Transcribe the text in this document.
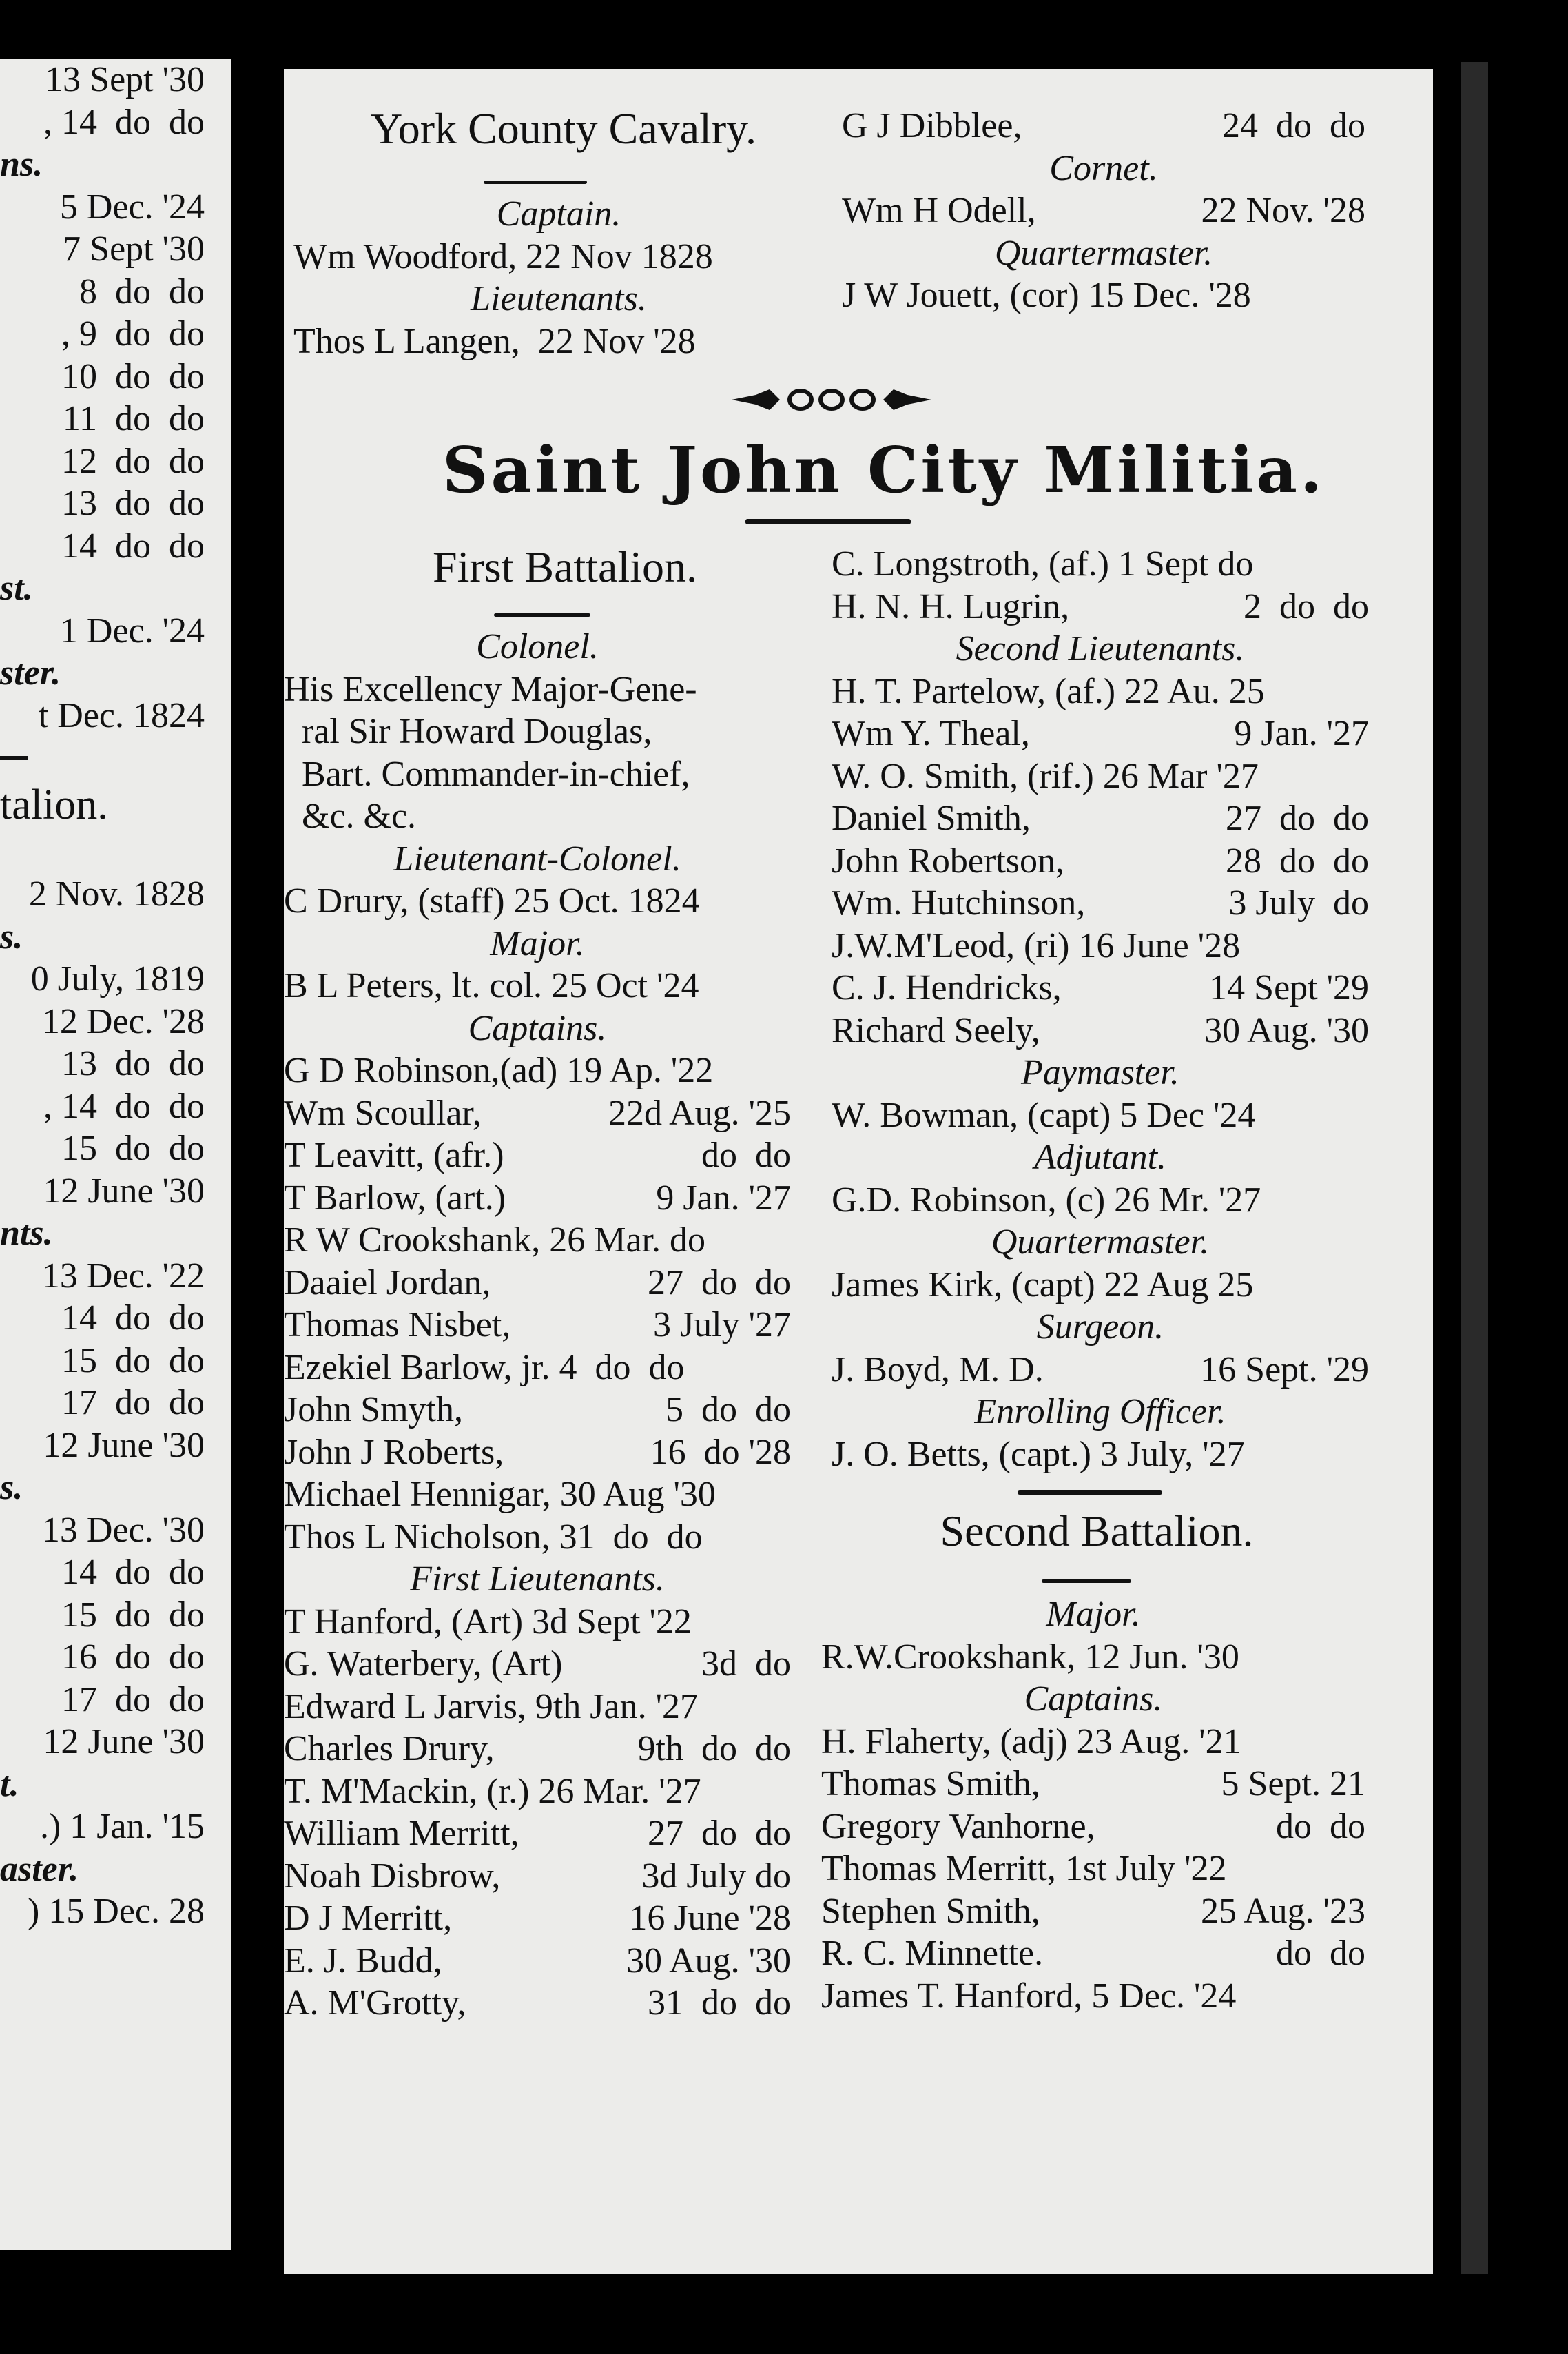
13 Sept '30
, 14  do  do
ns.
5 Dec. '24
7 Sept '30
8  do  do
, 9  do  do
10  do  do
11  do  do
12  do  do
13  do  do
14  do  do
st.
1 Dec. '24
ster.
t Dec. 1824
talion.
2 Nov. 1828
s.
0 July, 1819
12 Dec. '28
13  do  do
, 14  do  do
15  do  do
12 June '30
nts.
13 Dec. '22
14  do  do
15  do  do
17  do  do
12 June '30
s.
13 Dec. '30
14  do  do
15  do  do
16  do  do
17  do  do
12 June '30
t.
.) 1 Jan. '15
aster.
) 15 Dec. 28
York County Cavalry.
Captain.
Wm Woodford, 22 Nov 1828
Lieutenants.
Thos L Langen,  22 Nov '28
G J Dibblee,	24  do  do
Cornet.
Wm H Odell,	22 Nov. '28
Quartermaster.
J W Jouett, (cor) 15 Dec. '28
Saint John City Militia.
First Battalion.
Colonel.
His Excellency Major-Gene-
ral Sir Howard Douglas,
Bart. Commander-in-chief,
&c. &c.
Lieutenant-Colonel.
C Drury, (staff) 25 Oct. 1824
Major.
B L Peters, lt. col. 25 Oct '24
Captains.
G D Robinson,(ad) 19 Ap. '22
Wm Scoullar,	22d Aug. '25
T Leavitt, (afr.)	do  do
T Barlow, (art.)	9 Jan. '27
R W Crookshank, 26 Mar. do
Daaiel Jordan,	27  do  do
Thomas Nisbet,	3 July '27
Ezekiel Barlow, jr. 4  do  do
John Smyth,	5  do  do
John J Roberts,	16  do '28
Michael Hennigar, 30 Aug '30
Thos L Nicholson, 31  do  do
First Lieutenants.
T Hanford, (Art) 3d Sept '22
G. Waterbery, (Art)	3d  do
Edward L Jarvis, 9th Jan. '27
Charles Drury,	9th  do  do
T. M'Mackin, (r.) 26 Mar. '27
William Merritt,	27  do  do
Noah Disbrow,	3d July do
D J Merritt,	16 June '28
E. J. Budd,	30 Aug. '30
A. M'Grotty,	31  do  do
C. Longstroth, (af.) 1 Sept do
H. N. H. Lugrin,	2  do  do
Second Lieutenants.
H. T. Partelow, (af.) 22 Au. 25
Wm Y. Theal,	9 Jan. '27
W. O. Smith, (rif.) 26 Mar '27
Daniel Smith,	27  do  do
John Robertson,	28  do  do
Wm. Hutchinson,	3 July  do
J.W.M'Leod, (ri) 16 June '28
C. J. Hendricks,	14 Sept '29
Richard Seely,	30 Aug. '30
Paymaster.
W. Bowman, (capt) 5 Dec '24
Adjutant.
G.D. Robinson, (c) 26 Mr. '27
Quartermaster.
James Kirk, (capt) 22 Aug 25
Surgeon.
J. Boyd, M. D.	16 Sept. '29
Enrolling Officer.
J. O. Betts, (capt.) 3 July, '27
Second Battalion.
Major.
R.W.Crookshank, 12 Jun. '30
Captains.
H. Flaherty, (adj) 23 Aug. '21
Thomas Smith,	5 Sept. 21
Gregory Vanhorne,	do  do
Thomas Merritt, 1st July '22
Stephen Smith,	25 Aug. '23
R. C. Minnette.	do  do
James T. Hanford, 5 Dec. '24
